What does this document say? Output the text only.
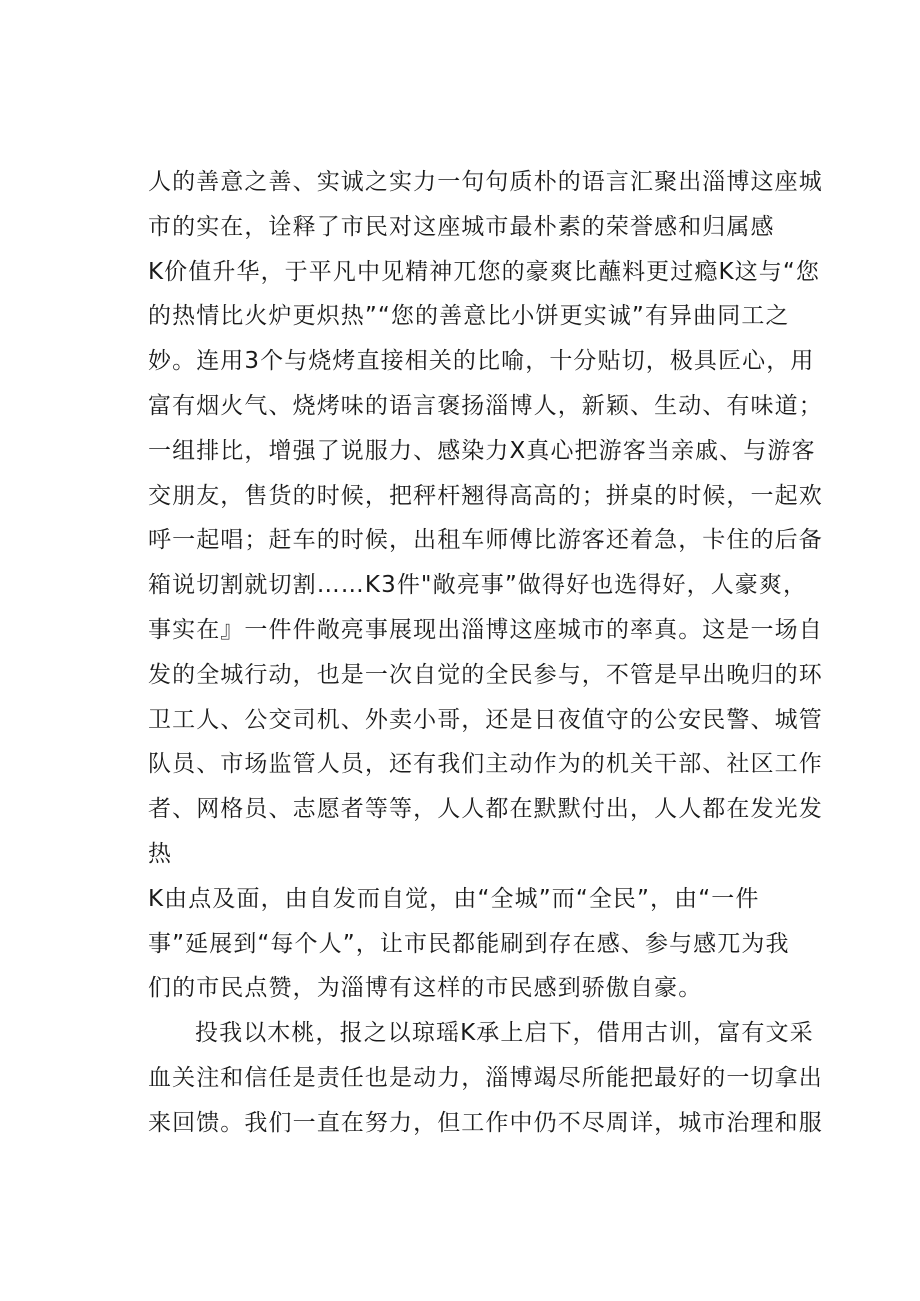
人的善意之善、实诚之实力一句句质朴的语言汇聚出淄博这座城
市的实在，诠释了市民对这座城市最朴素的荣誉感和归属感
K价值升华，于平凡中见精神兀您的豪爽比蘸料更过瘾K这与“您
的热情比火炉更炽热”“您的善意比小饼更实诚”有异曲同工之
妙。连用3个与烧烤直接相关的比喻，十分贴切，极具匠心，用
富有烟火气、烧烤味的语言褒扬淄博人，新颖、生动、有味道；
一组排比，增强了说服力、感染力X真心把游客当亲戚、与游客
交朋友，售货的时候，把秤杆翘得高高的；拼桌的时候，一起欢
呼一起唱；赶车的时候，出租车师傅比游客还着急，卡住的后备
箱说切割就切割……K3件"敞亮事”做得好也选得好，人豪爽，
事实在』一件件敞亮事展现出淄博这座城市的率真。这是一场自
发的全城行动，也是一次自觉的全民参与，不管是早出晚归的环
卫工人、公交司机、外卖小哥，还是日夜值守的公安民警、城管
队员、市场监管人员，还有我们主动作为的机关干部、社区工作
者、网格员、志愿者等等，人人都在默默付出，人人都在发光发
热
K由点及面，由自发而自觉，由“全城”而“全民”，由“一件
事”延展到“每个人”，让市民都能刷到存在感、参与感兀为我
们的市民点赞，为淄博有这样的市民感到骄傲自豪。
投我以木桃，报之以琼瑶K承上启下，借用古训，富有文采
血关注和信任是责任也是动力，淄博竭尽所能把最好的一切拿出
来回馈。我们一直在努力，但工作中仍不尽周详，城市治理和服
